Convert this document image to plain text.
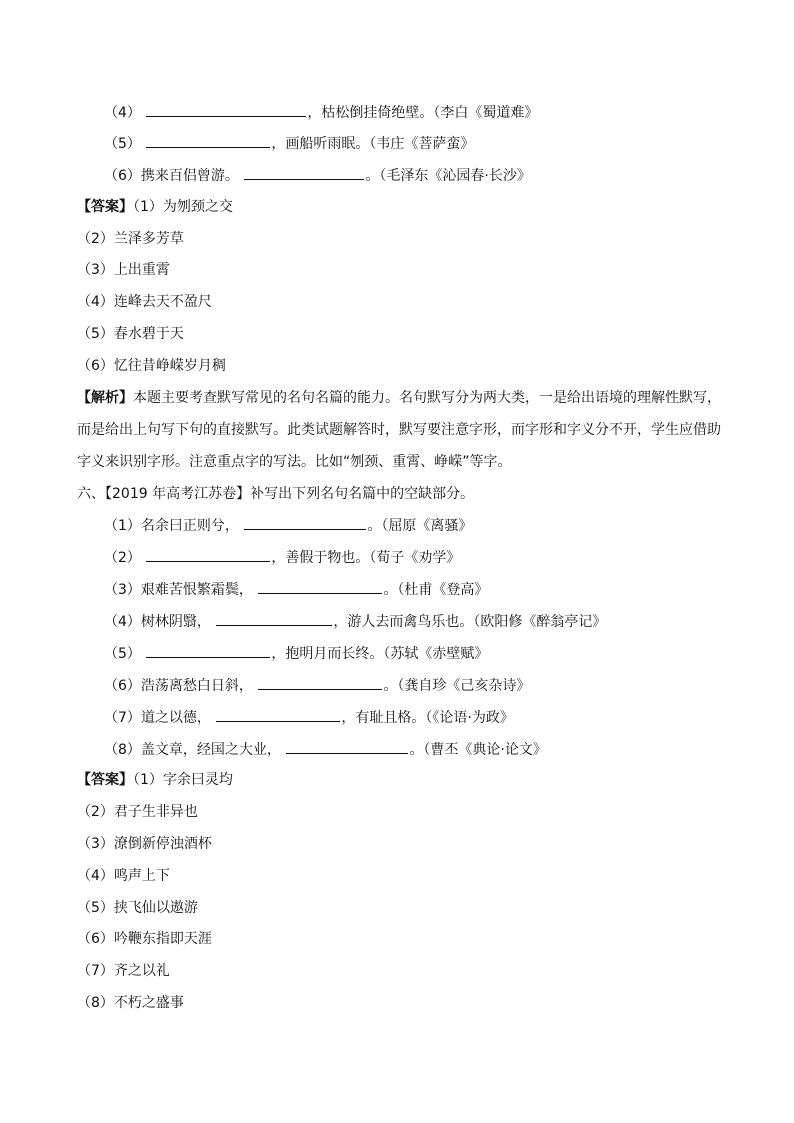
（4）	，枯松倒挂倚绝壁。（李白《蜀道难》
（5）	，画船听雨眠。（韦庄《菩萨蛮》
（6）携来百侣曾游。	。（毛泽东《沁园春·长沙》
【答案】（1）为刎颈之交
（2）兰泽多芳草
（3）上出重霄
（4）连峰去天不盈尺
（5）春水碧于天
（6）忆往昔峥嵘岁月稠
【解析】本题主要考查默写常见的名句名篇的能力。名句默写分为两大类，一是给出语境的理解性默写，
而是给出上句写下句的直接默写。此类试题解答时，默写要注意字形，而字形和字义分不开，学生应借助
字义来识别字形。注意重点字的写法。比如“刎颈、重霄、峥嵘”等字。
六、【2019 年高考江苏卷】补写出下列名句名篇中的空缺部分。
（1）名余曰正则兮，	。（屈原《离骚》
（2）	，善假于物也。（荀子《劝学》
（3）艰难苦恨繁霜鬓，	。（杜甫《登高》
（4）树林阴翳，	，游人去而禽鸟乐也。（欧阳修《醉翁亭记》
（5）	，抱明月而长终。（苏轼《赤壁赋》
（6）浩荡离愁白日斜，	。（龚自珍《己亥杂诗》
（7）道之以德，	，有耻且格。（《论语·为政》
（8）盖文章，经国之大业，	。（曹丕《典论·论文》
【答案】（1）字余曰灵均
（2）君子生非异也
（3）潦倒新停浊酒杯
（4）鸣声上下
（5）挟飞仙以遨游
（6）吟鞭东指即天涯
（7）齐之以礼
（8）不朽之盛事
